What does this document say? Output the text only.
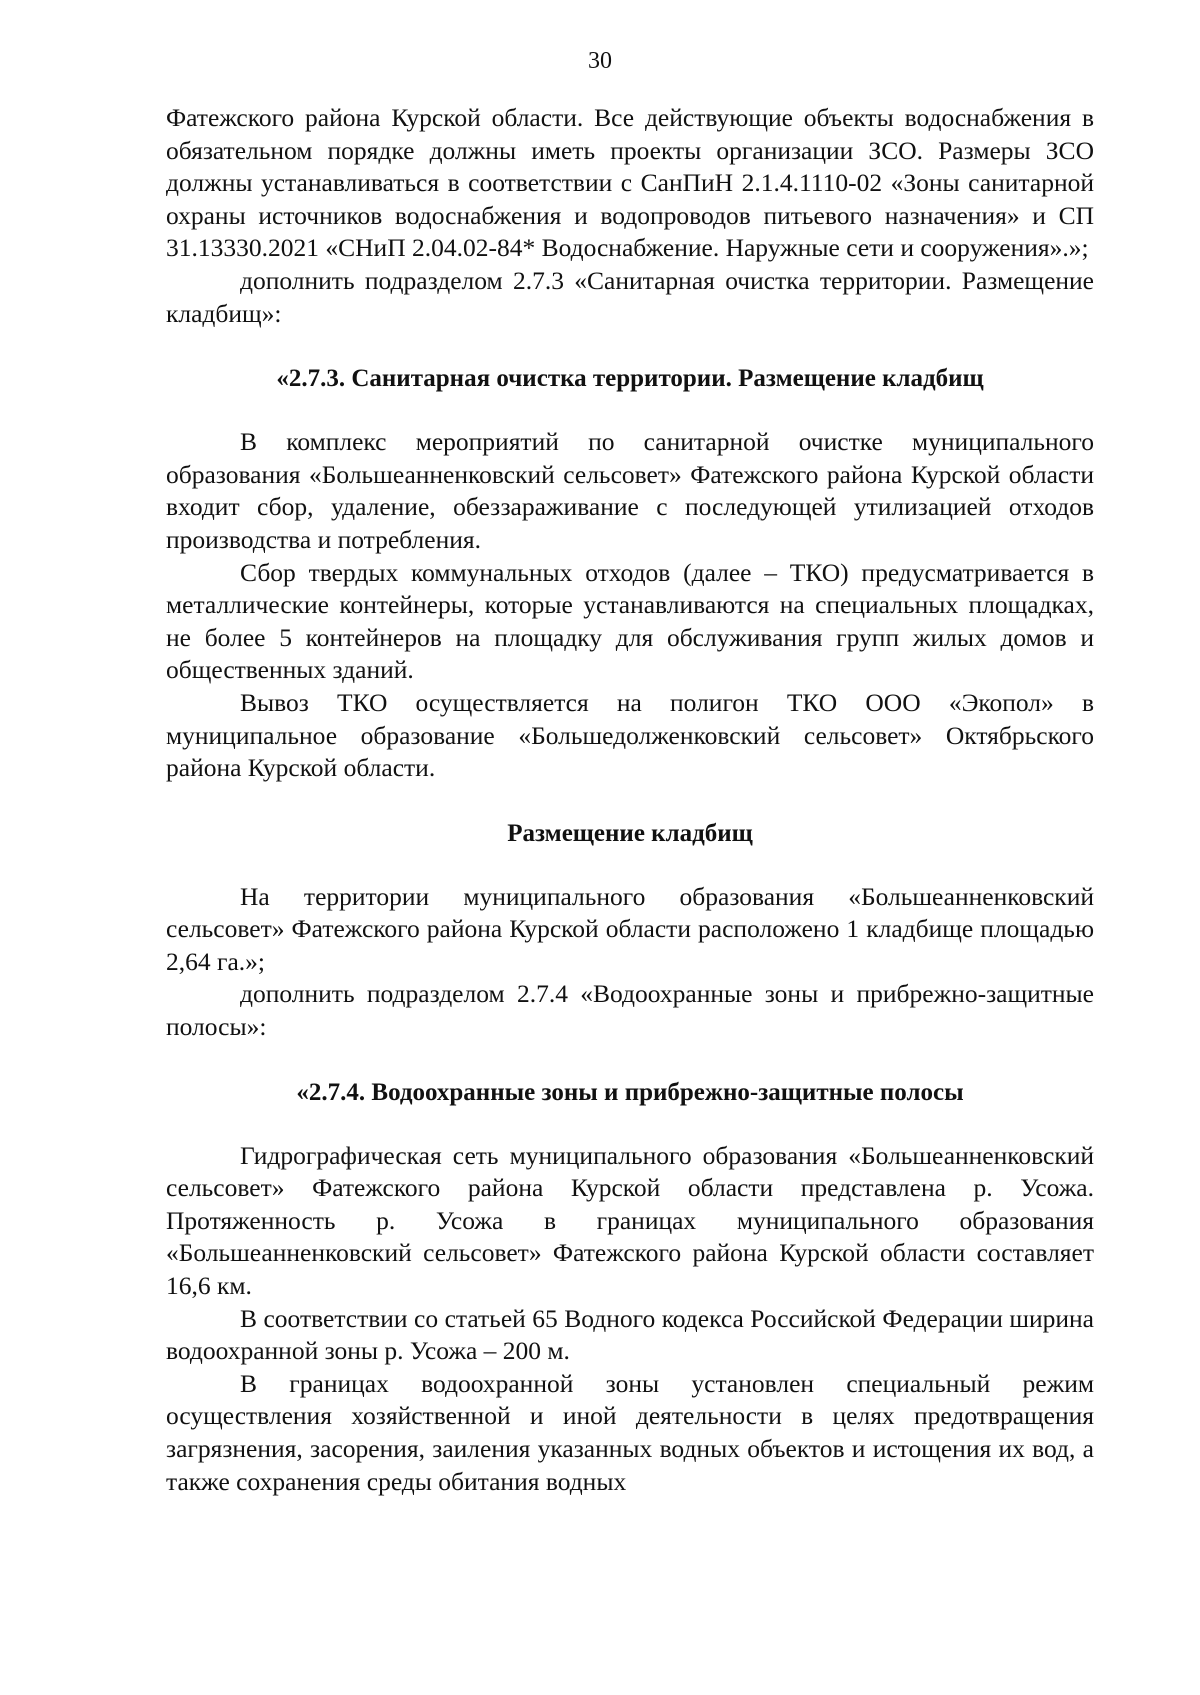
30

Фатежского района Курской области. Все действующие объекты водоснабжения в обязательном порядке должны иметь проекты организации ЗСО. Размеры ЗСО должны устанавливаться в соответствии с СанПиН 2.1.4.1110-02 «Зоны санитарной охраны источников водоснабжения и водопроводов питьевого назначения» и СП 31.13330.2021 «СНиП 2.04.02-84* Водоснабжение. Наружные сети и сооружения».»;

дополнить подразделом 2.7.3 «Санитарная очистка территории. Размещение кладбищ»:

«2.7.3. Санитарная очистка территории. Размещение кладбищ

В комплекс мероприятий по санитарной очистке муниципального образования «Большеанненковский сельсовет» Фатежского района Курской области входит сбор, удаление, обеззараживание с последующей утилизацией отходов производства и потребления.

Сбор твердых коммунальных отходов (далее – ТКО) предусматривается в металлические контейнеры, которые устанавливаются на специальных площадках, не более 5 контейнеров на площадку для обслуживания групп жилых домов и общественных зданий.

Вывоз ТКО осуществляется на полигон ТКО ООО «Экопол» в муниципальное образование «Большедолженковский сельсовет» Октябрьского района Курской области.

Размещение кладбищ

На территории муниципального образования «Большеанненковский сельсовет» Фатежского района Курской области расположено 1 кладбище площадью 2,64 га.»;

дополнить подразделом 2.7.4 «Водоохранные зоны и прибрежно-защитные полосы»:

«2.7.4. Водоохранные зоны и прибрежно-защитные полосы

Гидрографическая сеть муниципального образования «Большеанненковский сельсовет» Фатежского района Курской области представлена р. Усожа. Протяженность р. Усожа в границах муниципального образования «Большеанненковский сельсовет» Фатежского района Курской области составляет 16,6 км.

В соответствии со статьей 65 Водного кодекса Российской Федерации ширина водоохранной зоны р. Усожа – 200 м.

В границах водоохранной зоны установлен специальный режим осуществления хозяйственной и иной деятельности в целях предотвращения загрязнения, засорения, заиления указанных водных объектов и истощения их вод, а также сохранения среды обитания водных
